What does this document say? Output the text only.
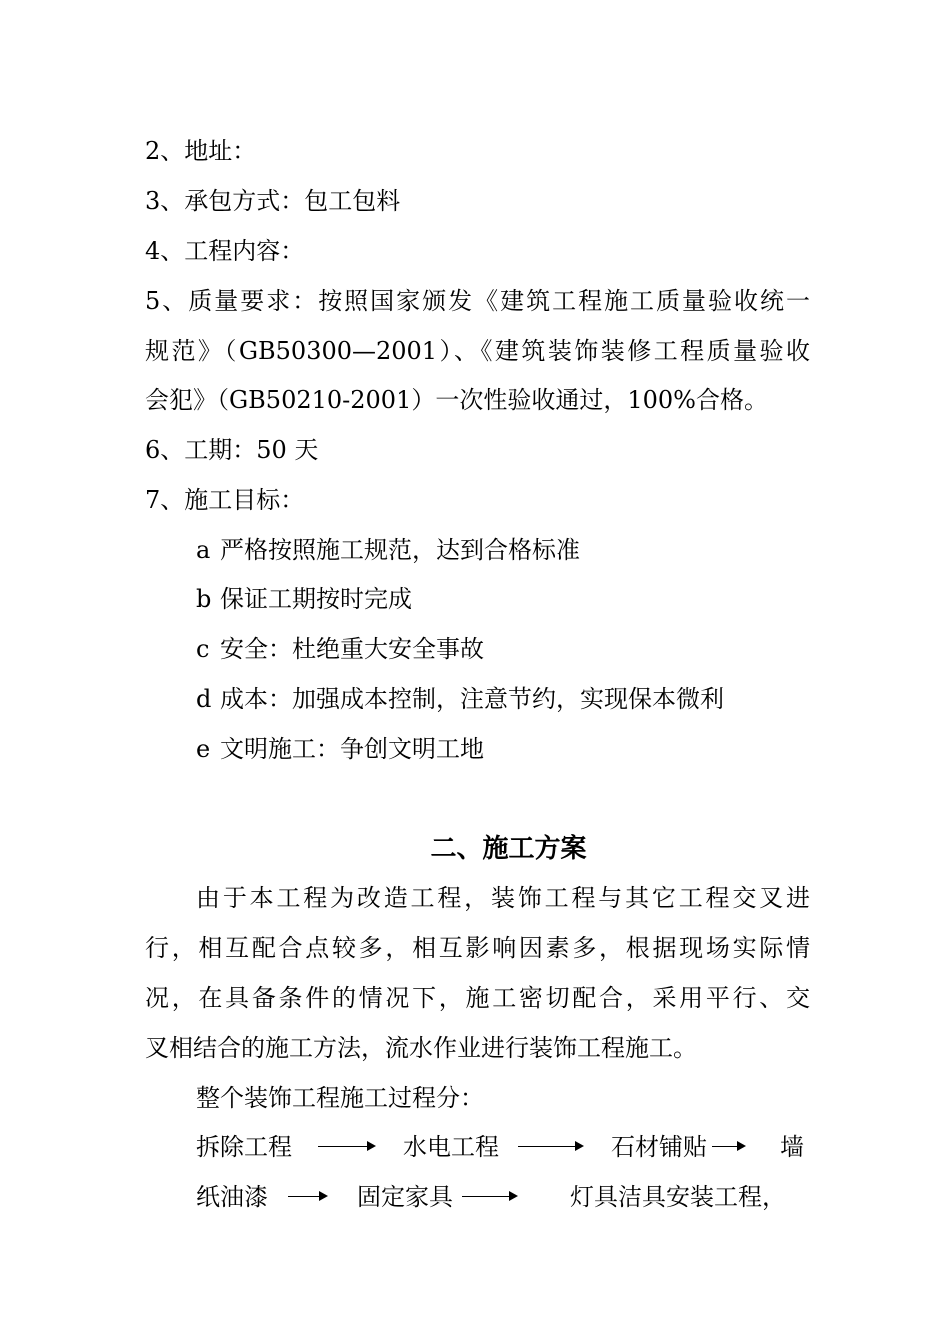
2、地址：
3、承包方式：包工包料
4、工程内容：
5、质量要求：按照国家颁发《建筑工程施工质量验收统一
规范》（GB50300—2001）、《建筑装饰装修工程质量验收
会犯》（GB50210-2001）一次性验收通过，100%合格。
6、工期：50 天
7、施工目标：
a 严格按照施工规范，达到合格标准
b 保证工期按时完成
c 安全：杜绝重大安全事故
d 成本：加强成本控制，注意节约，实现保本微利
e 文明施工：争创文明工地
二、施工方案
由于本工程为改造工程，装饰工程与其它工程交叉进
行，相互配合点较多，相互影响因素多，根据现场实际情
况，在具备条件的情况下，施工密切配合，采用平行、交
叉相结合的施工方法，流水作业进行装饰工程施工。
整个装饰工程施工过程分：
拆除工程	水电工程	石材铺贴	墙
纸油漆	固定家具	灯具洁具安装工程，
